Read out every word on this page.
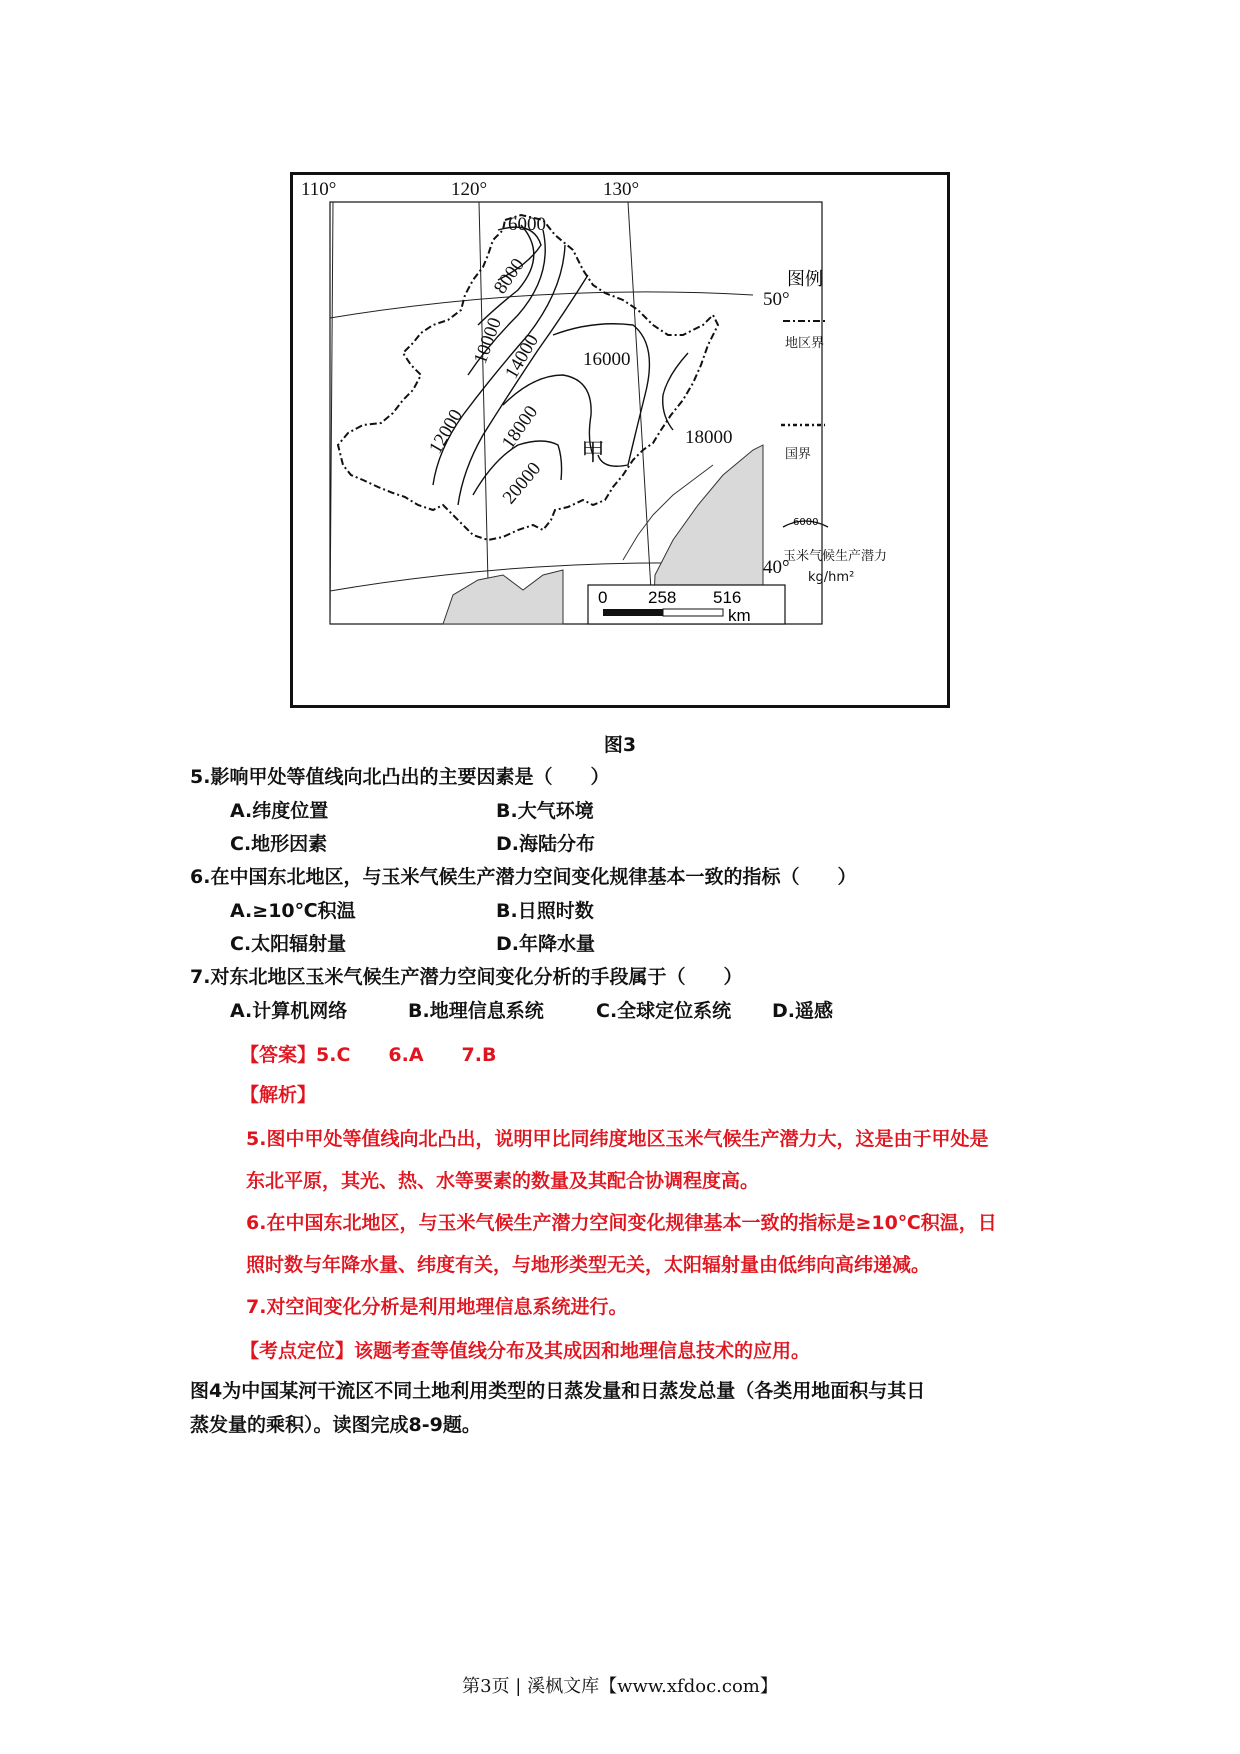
110°	120°	130°
50°
40°
6000
8000
10000
12000
14000 16000
18000	18000
20000
甲
图例
地区界
国界
6000
玉米气候生产潜力
kg/hm²
0 258 516
km
图3
5.影响甲处等值线向北凸出的主要因素是（　　）
A.纬度位置	B.大气环境
C.地形因素	D.海陆分布
6.在中国东北地区，与玉米气候生产潜力空间变化规律基本一致的指标（　　）
A.≥10℃积温	B.日照时数
C.太阳辐射量	D.年降水量
7.对东北地区玉米气候生产潜力空间变化分析的手段属于（　　）
A.计算机网络	B.地理信息系统	C.全球定位系统 D.遥感
【答案】5.C　　6.A　　7.B
【解析】
5.图中甲处等值线向北凸出，说明甲比同纬度地区玉米气候生产潜力大，这是由于甲处是
东北平原，其光、热、水等要素的数量及其配合协调程度高。
6.在中国东北地区，与玉米气候生产潜力空间变化规律基本一致的指标是≥10℃积温，日
照时数与年降水量、纬度有关，与地形类型无关，太阳辐射量由低纬向高纬递减。
7.对空间变化分析是利用地理信息系统进行。
【考点定位】该题考查等值线分布及其成因和地理信息技术的应用。
图4为中国某河干流区不同土地利用类型的日蒸发量和日蒸发总量（各类用地面积与其日
蒸发量的乘积）。读图完成8-9题。
第3页 | 溪枫文库【www.xfdoc.com】
